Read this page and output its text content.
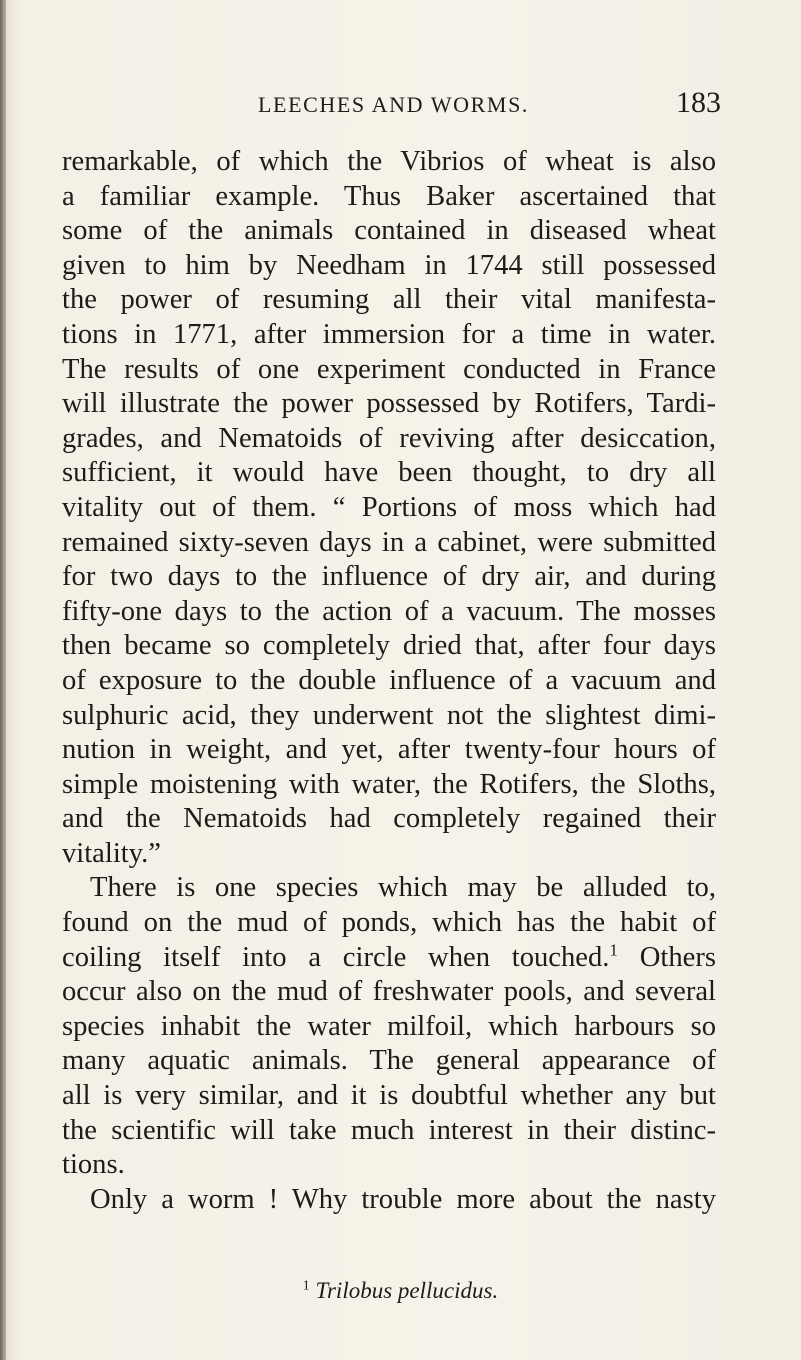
LEECHES AND WORMS.	183
remarkable, of which the Vibrios of wheat is also
a familiar example. Thus Baker ascertained that
some of the animals contained in diseased wheat
given to him by Needham in 1744 still possessed
the power of resuming all their vital manifesta-
tions in 1771, after immersion for a time in water.
The results of one experiment conducted in France
will illustrate the power possessed by Rotifers, Tardi-
grades, and Nematoids of reviving after desiccation,
sufficient, it would have been thought, to dry all
vitality out of them. “ Portions of moss which had
remained sixty-seven days in a cabinet, were submitted
for two days to the influence of dry air, and during
fifty-one days to the action of a vacuum. The mosses
then became so completely dried that, after four days
of exposure to the double influence of a vacuum and
sulphuric acid, they underwent not the slightest dimi-
nution in weight, and yet, after twenty-four hours of
simple moistening with water, the Rotifers, the Sloths,
and the Nematoids had completely regained their
vitality.”
There is one species which may be alluded to,
found on the mud of ponds, which has the habit of
coiling itself into a circle when touched.$^1$ Others
occur also on the mud of freshwater pools, and several
species inhabit the water milfoil, which harbours so
many aquatic animals. The general appearance of
all is very similar, and it is doubtful whether any but
the scientific will take much interest in their distinc-
tions.
Only a worm ! Why trouble more about the nasty
$^1$ Trilobus pellucidus.
